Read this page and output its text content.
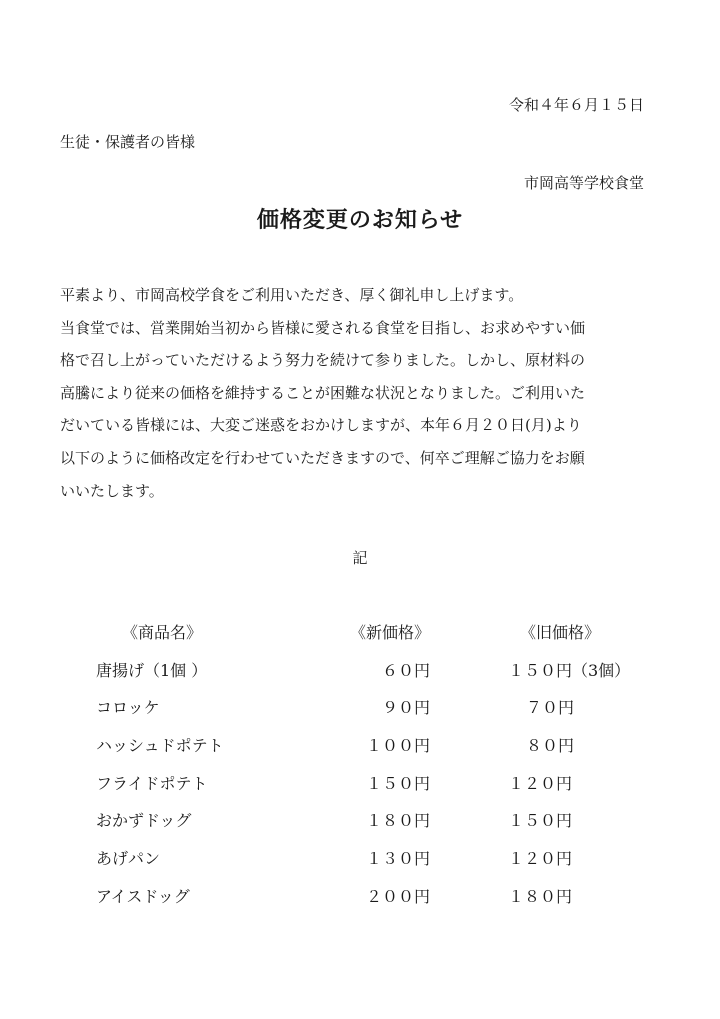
令和４年６月１５日
生徒・保護者の皆様
市岡高等学校食堂
価格変更のお知らせ

平素より、市岡高校学食をご利用いただき、厚く御礼申し上げます。

当食堂では、営業開始当初から皆様に愛される食堂を目指し、お求めやすい価

格で召し上がっていただけるよう努力を続けて参りました。しかし、原材料の

高騰により従来の価格を維持することが困難な状況となりました。ご利用いた

だいている皆様には、大変ご迷惑をおかけしますが、本年６月２０日(月)より

以下のように価格改定を行わせていただきますので、何卒ご理解ご協力をお願

いいたします。

記
《商品名》	《新価格》	《旧価格》
唐揚げ（1個 ）	６０円	１５０円（3個）
コロッケ	９０円	７０円
ハッシュドポテト	１００円	８０円
フライドポテト	１５０円	１２０円
おかずドッグ	１８０円	１５０円
あげパン	１３０円	１２０円
アイスドッグ	２００円	１８０円
